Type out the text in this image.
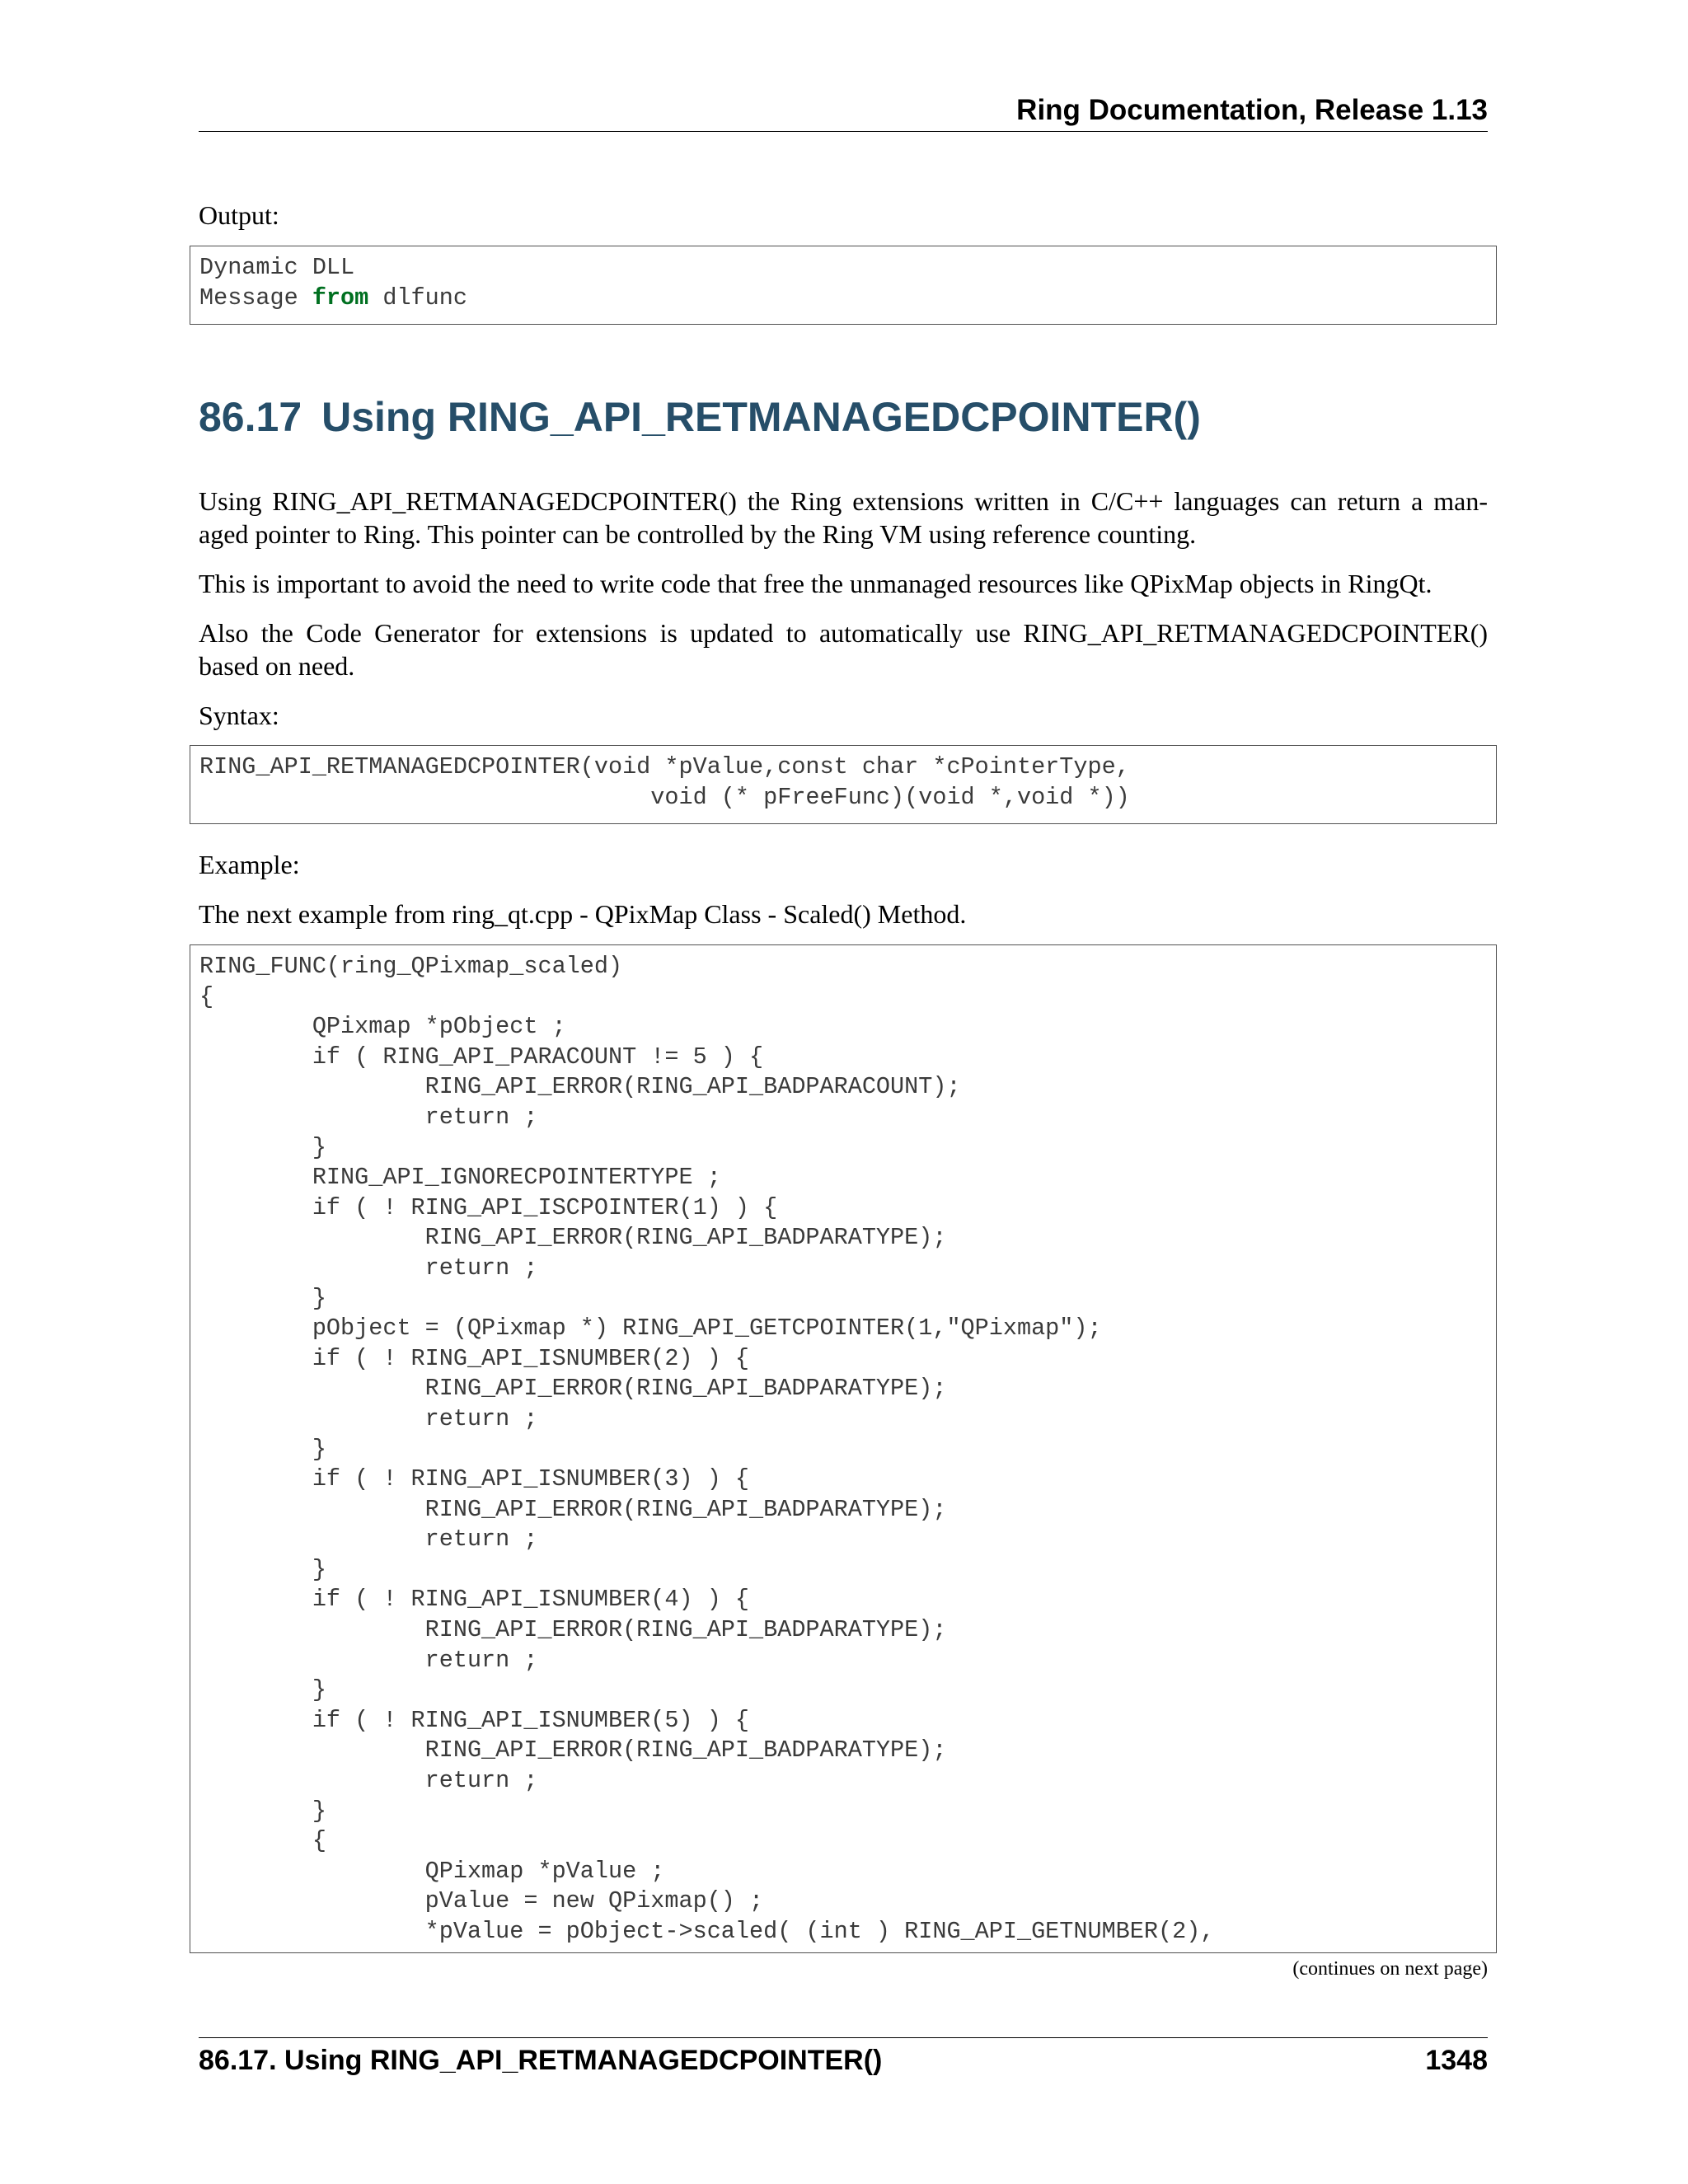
Ring Documentation, Release 1.13

Output:

Dynamic DLL
Message from dlfunc
86.17 Using RING_API_RETMANAGEDCPOINTER()

Using RING_API_RETMANAGEDCPOINTER() the Ring extensions written in C/C++ languages can return a man-aged pointer to Ring. This pointer can be controlled by the Ring VM using reference counting.

This is important to avoid the need to write code that free the unmanaged resources like QPixMap objects in RingQt.

Also the Code Generator for extensions is updated to automatically use RING_API_RETMANAGEDCPOINTER() based on need.

Syntax:

RING_API_RETMANAGEDCPOINTER(void *pValue,const char *cPointerType,
void (* pFreeFunc)(void *,void *))

Example:

The next example from ring_qt.cpp - QPixMap Class - Scaled() Method.

RING_FUNC(ring_QPixmap_scaled)
{
QPixmap *pObject ;
if ( RING_API_PARACOUNT != 5 ) {
RING_API_ERROR(RING_API_BADPARACOUNT);
return ;
}
RING_API_IGNORECPOINTERTYPE ;
if ( ! RING_API_ISCPOINTER(1) ) {
RING_API_ERROR(RING_API_BADPARATYPE);
return ;
}
pObject = (QPixmap *) RING_API_GETCPOINTER(1,"QPixmap");
if ( ! RING_API_ISNUMBER(2) ) {
RING_API_ERROR(RING_API_BADPARATYPE);
return ;
}
if ( ! RING_API_ISNUMBER(3) ) {
RING_API_ERROR(RING_API_BADPARATYPE);
return ;
}
if ( ! RING_API_ISNUMBER(4) ) {
RING_API_ERROR(RING_API_BADPARATYPE);
return ;
}
if ( ! RING_API_ISNUMBER(5) ) {
RING_API_ERROR(RING_API_BADPARATYPE);
return ;
}
{
QPixmap *pValue ;
pValue = new QPixmap() ;
*pValue = pObject->scaled( (int ) RING_API_GETNUMBER(2),
(continues on next page)
86.17. Using RING_API_RETMANAGEDCPOINTER()	1348
